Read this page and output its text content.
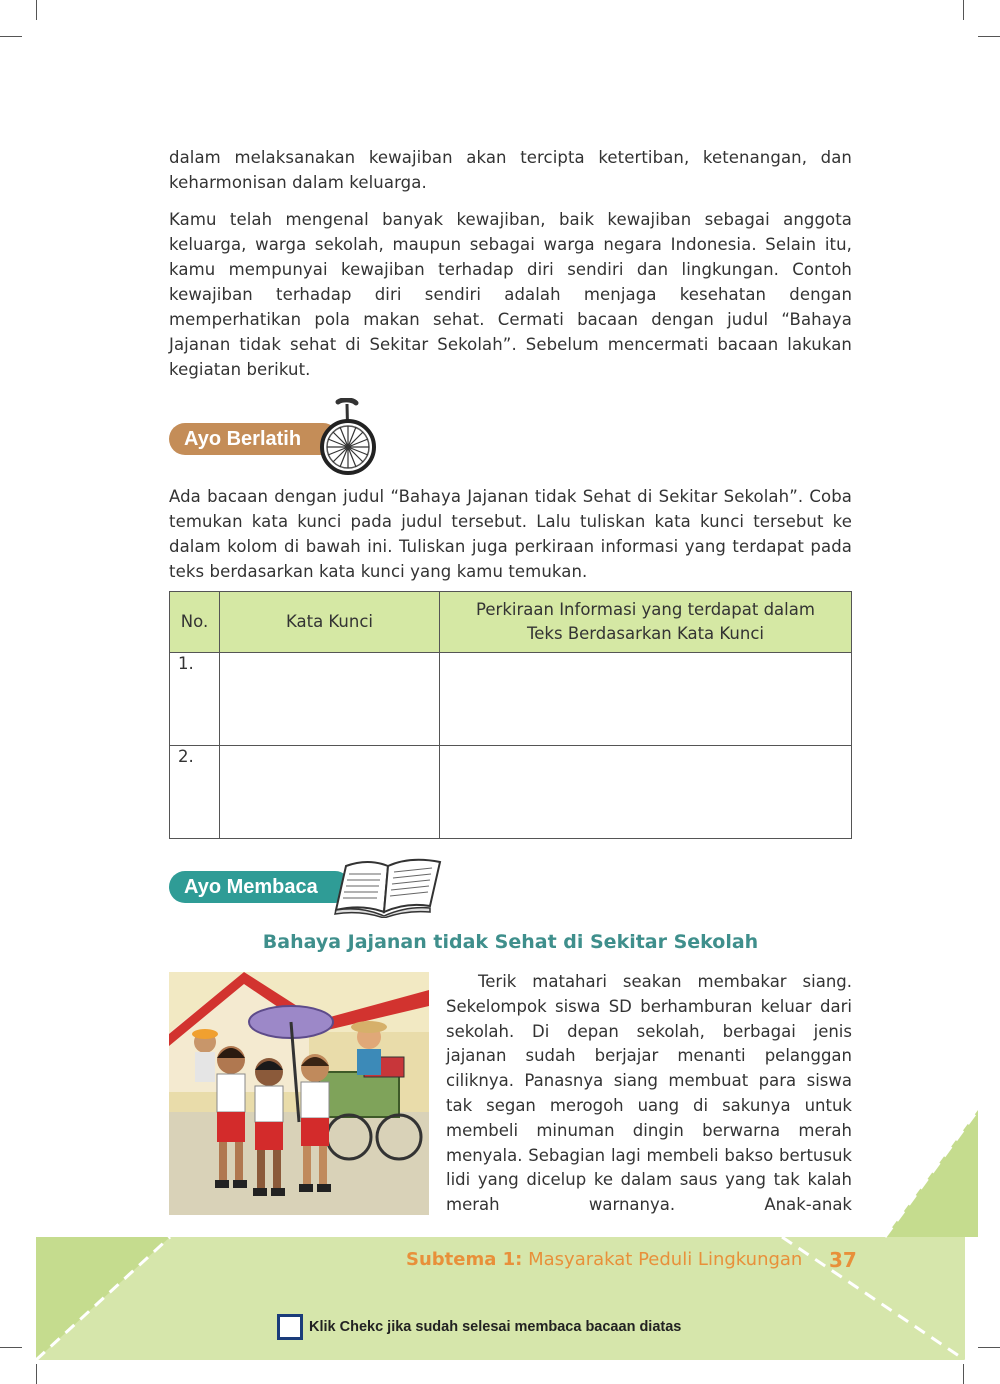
dalam melaksanakan kewajiban akan tercipta ketertiban, ketenangan, dan keharmonisan dalam keluarga.

Kamu telah mengenal banyak kewajiban, baik kewajiban sebagai anggota keluarga, warga sekolah, maupun sebagai warga negara Indonesia. Selain itu, kamu mempunyai kewajiban terhadap diri sendiri dan lingkungan. Contoh kewajiban terhadap diri sendiri adalah menjaga kesehatan dengan memperhatikan pola makan sehat. Cermati bacaan dengan judul “Bahaya Jajanan tidak sehat di Sekitar Sekolah”. Sebelum mencermati bacaan lakukan kegiatan berikut.

Ayo Berlatih

Ada bacaan dengan judul “Bahaya Jajanan tidak Sehat di Sekitar Sekolah”. Coba temukan kata kunci pada judul tersebut. Lalu tuliskan kata kunci tersebut ke dalam kolom di bawah ini. Tuliskan juga perkiraan informasi yang terdapat pada teks berdasarkan kata kunci yang kamu temukan.

No.	Kata Kunci	Perkiraan Informasi yang terdapat dalam Teks Berdasarkan Kata Kunci
1.		
2.		
Ayo Membaca
Bahaya Jajanan tidak Sehat di Sekitar Sekolah

Terik matahari seakan membakar siang. Sekelompok siswa SD berhamburan keluar dari sekolah. Di depan sekolah, berbagai jenis jajanan sudah berjajar menanti pelanggan ciliknya. Panasnya siang membuat para siswa tak segan merogoh uang di sakunya untuk membeli minuman dingin berwarna merah menyala. Sebagian lagi membeli bakso bertusuk lidi yang dicelup ke dalam saus yang tak kalah merah warnanya. Anak-anak

Subtema 1: Masyarakat Peduli Lingkungan 37
Klik Chekc jika sudah selesai membaca bacaan diatas
